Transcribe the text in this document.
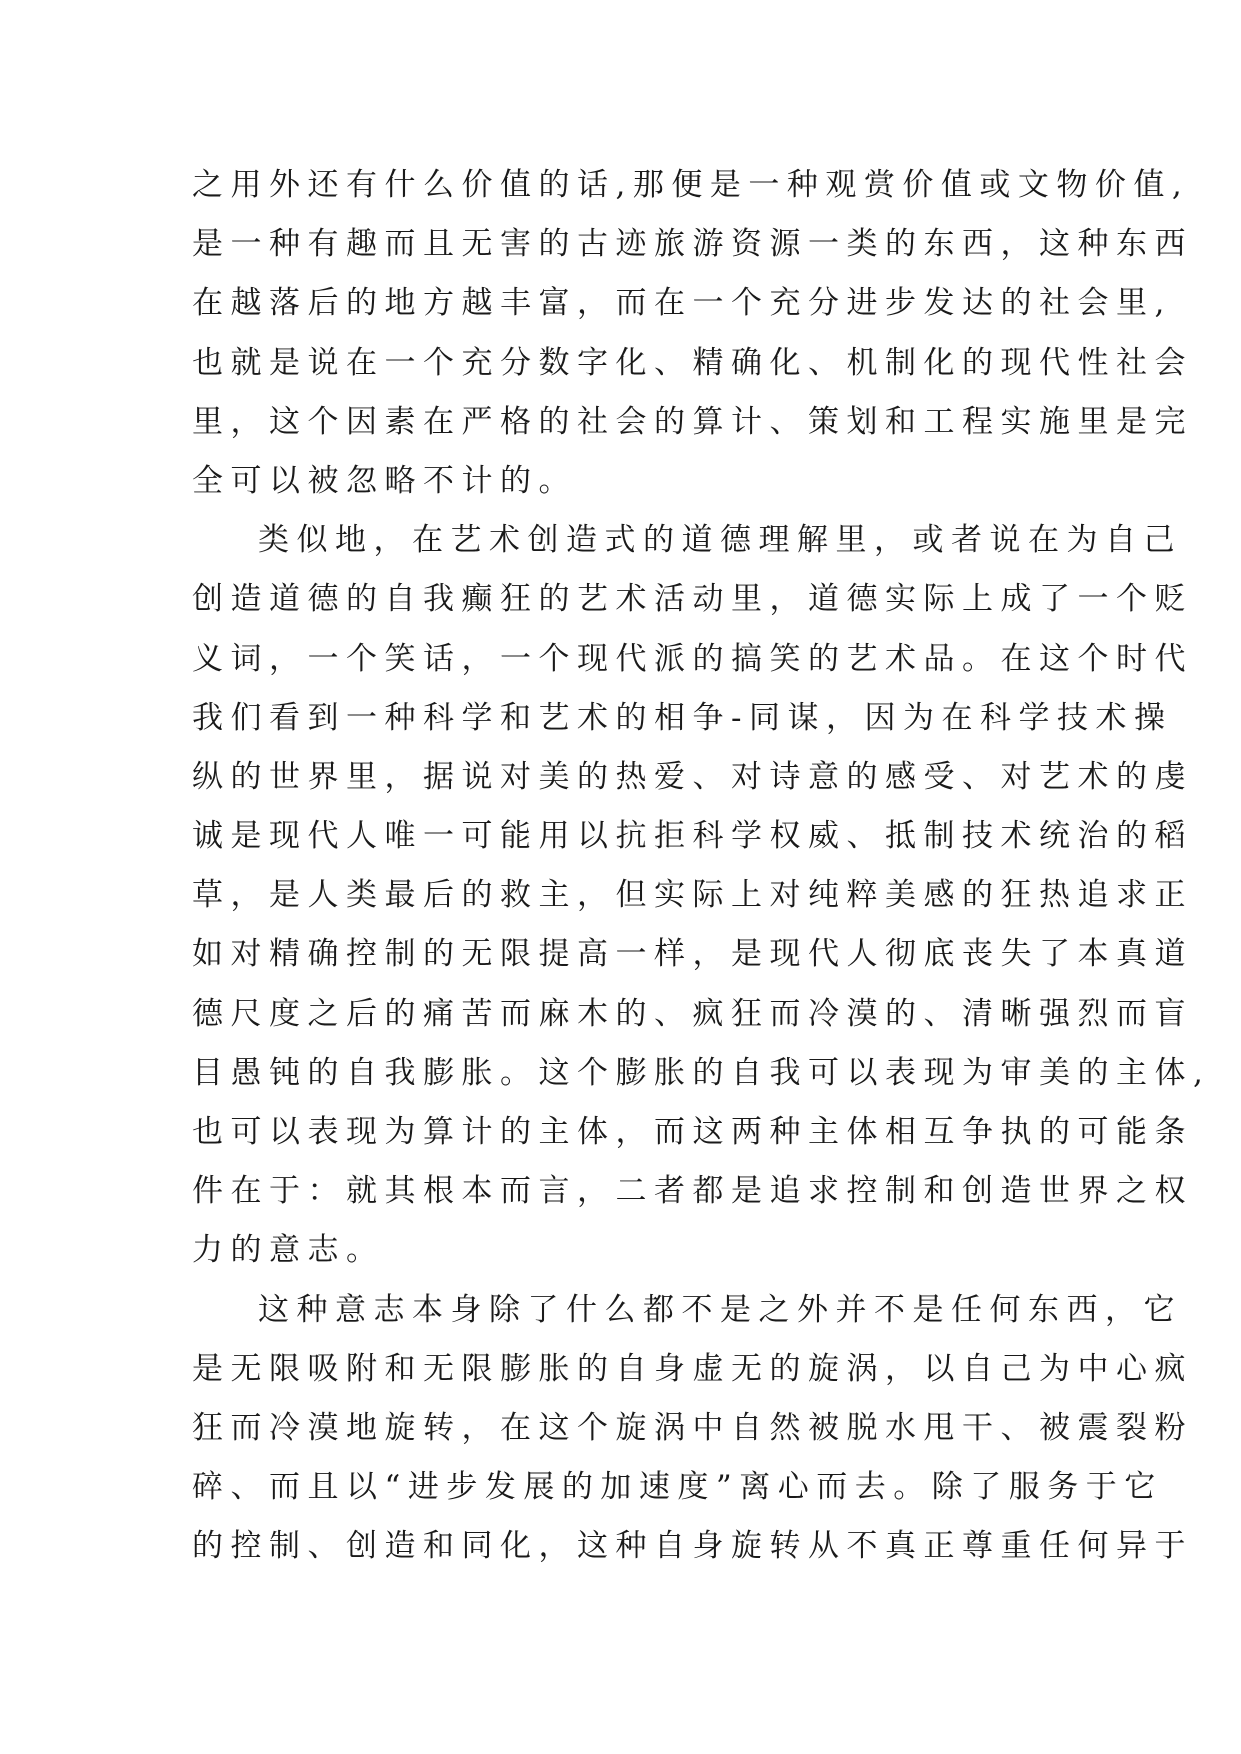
之用外还有什么价值的话,那便是一种观赏价值或文物价值,
是一种有趣而且无害的古迹旅游资源一类的东西，这种东西
在越落后的地方越丰富，而在一个充分进步发达的社会里,
也就是说在一个充分数字化、精确化、机制化的现代性社会
里，这个因素在严格的社会的算计、策划和工程实施里是完
全可以被忽略不计的。
类似地，在艺术创造式的道德理解里，或者说在为自己
创造道德的自我癫狂的艺术活动里，道德实际上成了一个贬
义词，一个笑话，一个现代派的搞笑的艺术品。在这个时代
我们看到一种科学和艺术的相争-同谋，因为在科学技术操
纵的世界里，据说对美的热爱、对诗意的感受、对艺术的虔
诚是现代人唯一可能用以抗拒科学权威、抵制技术统治的稻
草，是人类最后的救主，但实际上对纯粹美感的狂热追求正
如对精确控制的无限提高一样，是现代人彻底丧失了本真道
德尺度之后的痛苦而麻木的、疯狂而冷漠的、清晰强烈而盲
目愚钝的自我膨胀。这个膨胀的自我可以表现为审美的主体,
也可以表现为算计的主体，而这两种主体相互争执的可能条
件在于：就其根本而言，二者都是追求控制和创造世界之权
力的意志。
这种意志本身除了什么都不是之外并不是任何东西，它
是无限吸附和无限膨胀的自身虚无的旋涡，以自己为中心疯
狂而冷漠地旋转，在这个旋涡中自然被脱水甩干、被震裂粉
碎、而且以“进步发展的加速度”离心而去。除了服务于它
的控制、创造和同化，这种自身旋转从不真正尊重任何异于
